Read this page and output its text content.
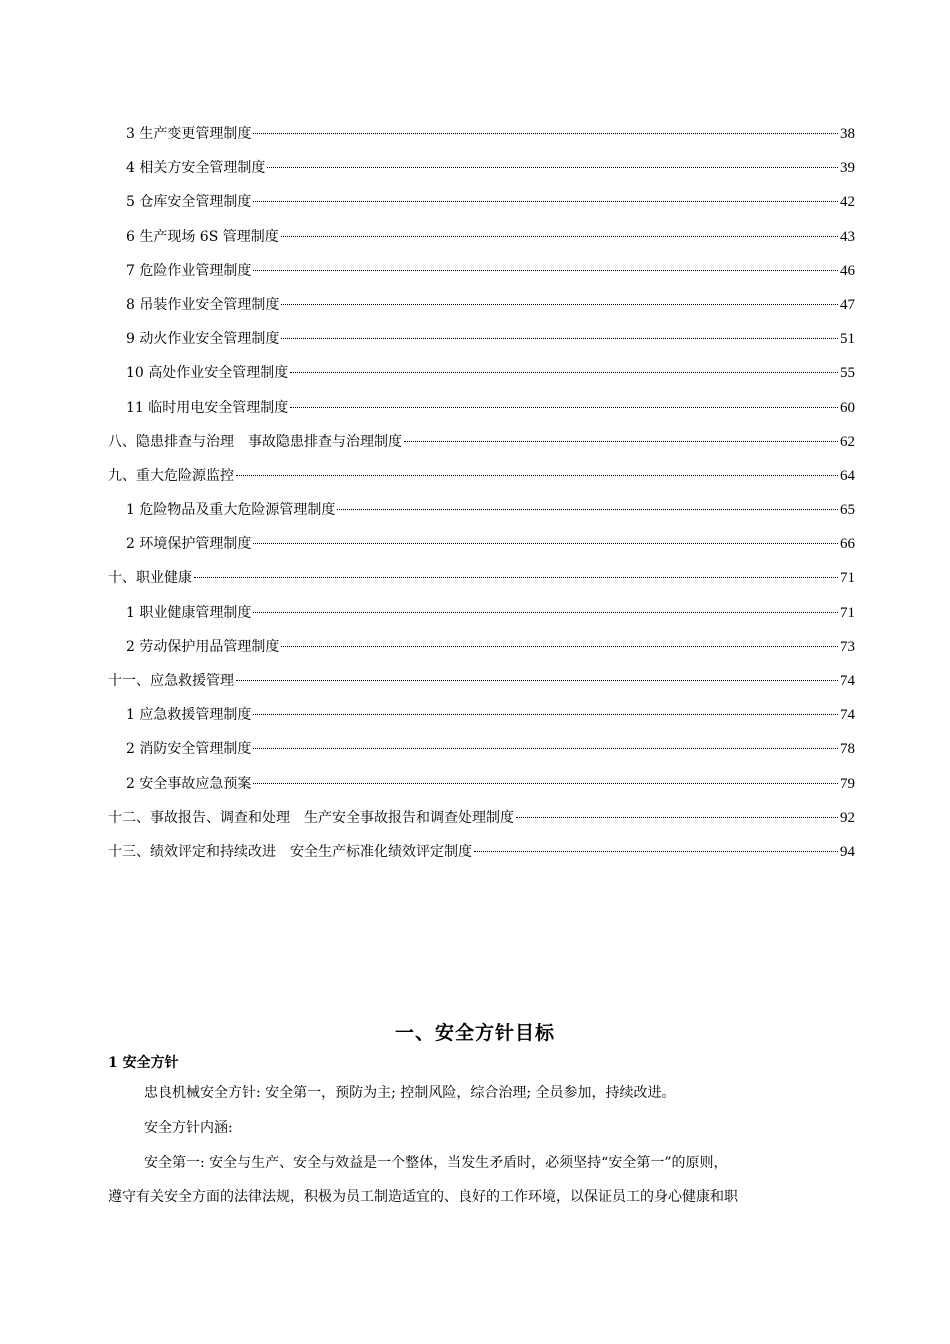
3 生产变更管理制度	38
4 相关方安全管理制度	39
5 仓库安全管理制度	42
6 生产现场 6S 管理制度	43
7 危险作业管理制度	46
8 吊装作业安全管理制度	47
9 动火作业安全管理制度	51
10 高处作业安全管理制度	55
11 临时用电安全管理制度	60
八、隐患排查与治理　事故隐患排查与治理制度	62
九、重大危险源监控	64
1 危险物品及重大危险源管理制度	65
2 环境保护管理制度	66
十、职业健康	71
1 职业健康管理制度	71
2 劳动保护用品管理制度	73
十一、应急救援管理	74
1 应急救援管理制度	74
2 消防安全管理制度	78
2 安全事故应急预案	79
十二、事故报告、调查和处理　生产安全事故报告和调查处理制度	92
十三、绩效评定和持续改进　安全生产标准化绩效评定制度	94
一、安全方针目标
1 安全方针
忠良机械安全方针: 安全第一，预防为主; 控制风险，综合治理; 全员参加，持续改进。
安全方针内涵:
安全第一: 安全与生产、安全与效益是一个整体，当发生矛盾时，必须坚持“安全第一”的原则，
遵守有关安全方面的法律法规，积极为员工制造适宜的、良好的工作环境，以保证员工的身心健康和职
